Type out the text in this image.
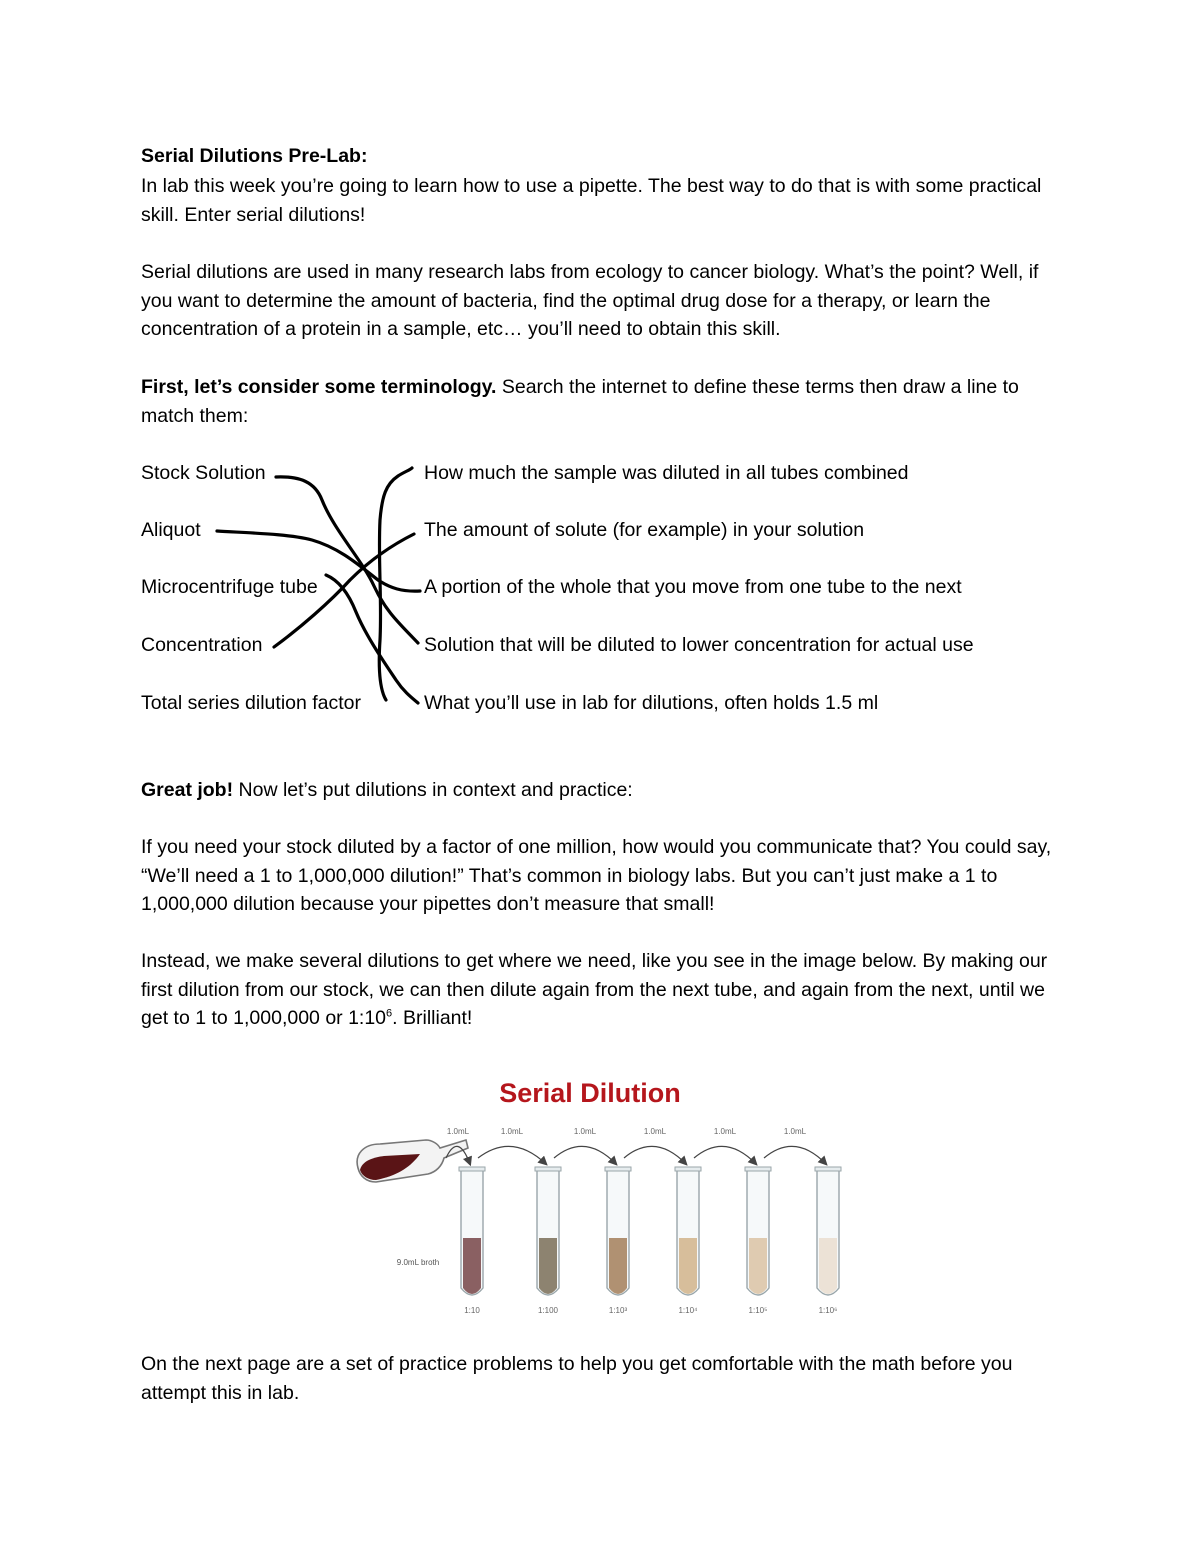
Serial Dilutions Pre-Lab:

In lab this week you’re going to learn how to use a pipette. The best way to do that is with some practical skill. Enter serial dilutions!

Serial dilutions are used in many research labs from ecology to cancer biology. What’s the point? Well, if you want to determine the amount of bacteria, find the optimal drug dose for a therapy, or learn the concentration of a protein in a sample, etc… you’ll need to obtain this skill.

First, let’s consider some terminology. Search the internet to define these terms then draw a line to match them:

Stock Solution
Aliquot
Microcentrifuge tube
Concentration
Total series dilution factor
How much the sample was diluted in all tubes combined
The amount of solute (for example) in your solution
A portion of the whole that you move from one tube to the next
Solution that will be diluted to lower concentration for actual use
What you’ll use in lab for dilutions, often holds 1.5 ml

Great job! Now let’s put dilutions in context and practice:

If you need your stock diluted by a factor of one million, how would you communicate that? You could say, “We’ll need a 1 to 1,000,000 dilution!” That’s common in biology labs. But you can’t just make a 1 to 1,000,000 dilution because your pipettes don’t measure that small!

Instead, we make several dilutions to get where we need, like you see in the image below. By making our first dilution from our stock, we can then dilute again from the next tube, and again from the next, until we get to 1 to 1,000,000 or $1:10^6$. Brilliant!

Serial Dilution
1.0mL	1.0mL	1.0mL	1.0mL	1.0mL	1.0mL
1:10	1:100	1:10³	1:10⁴	1:10⁵	1:10⁶
9.0mL broth

On the next page are a set of practice problems to help you get comfortable with the math before you attempt this in lab.
